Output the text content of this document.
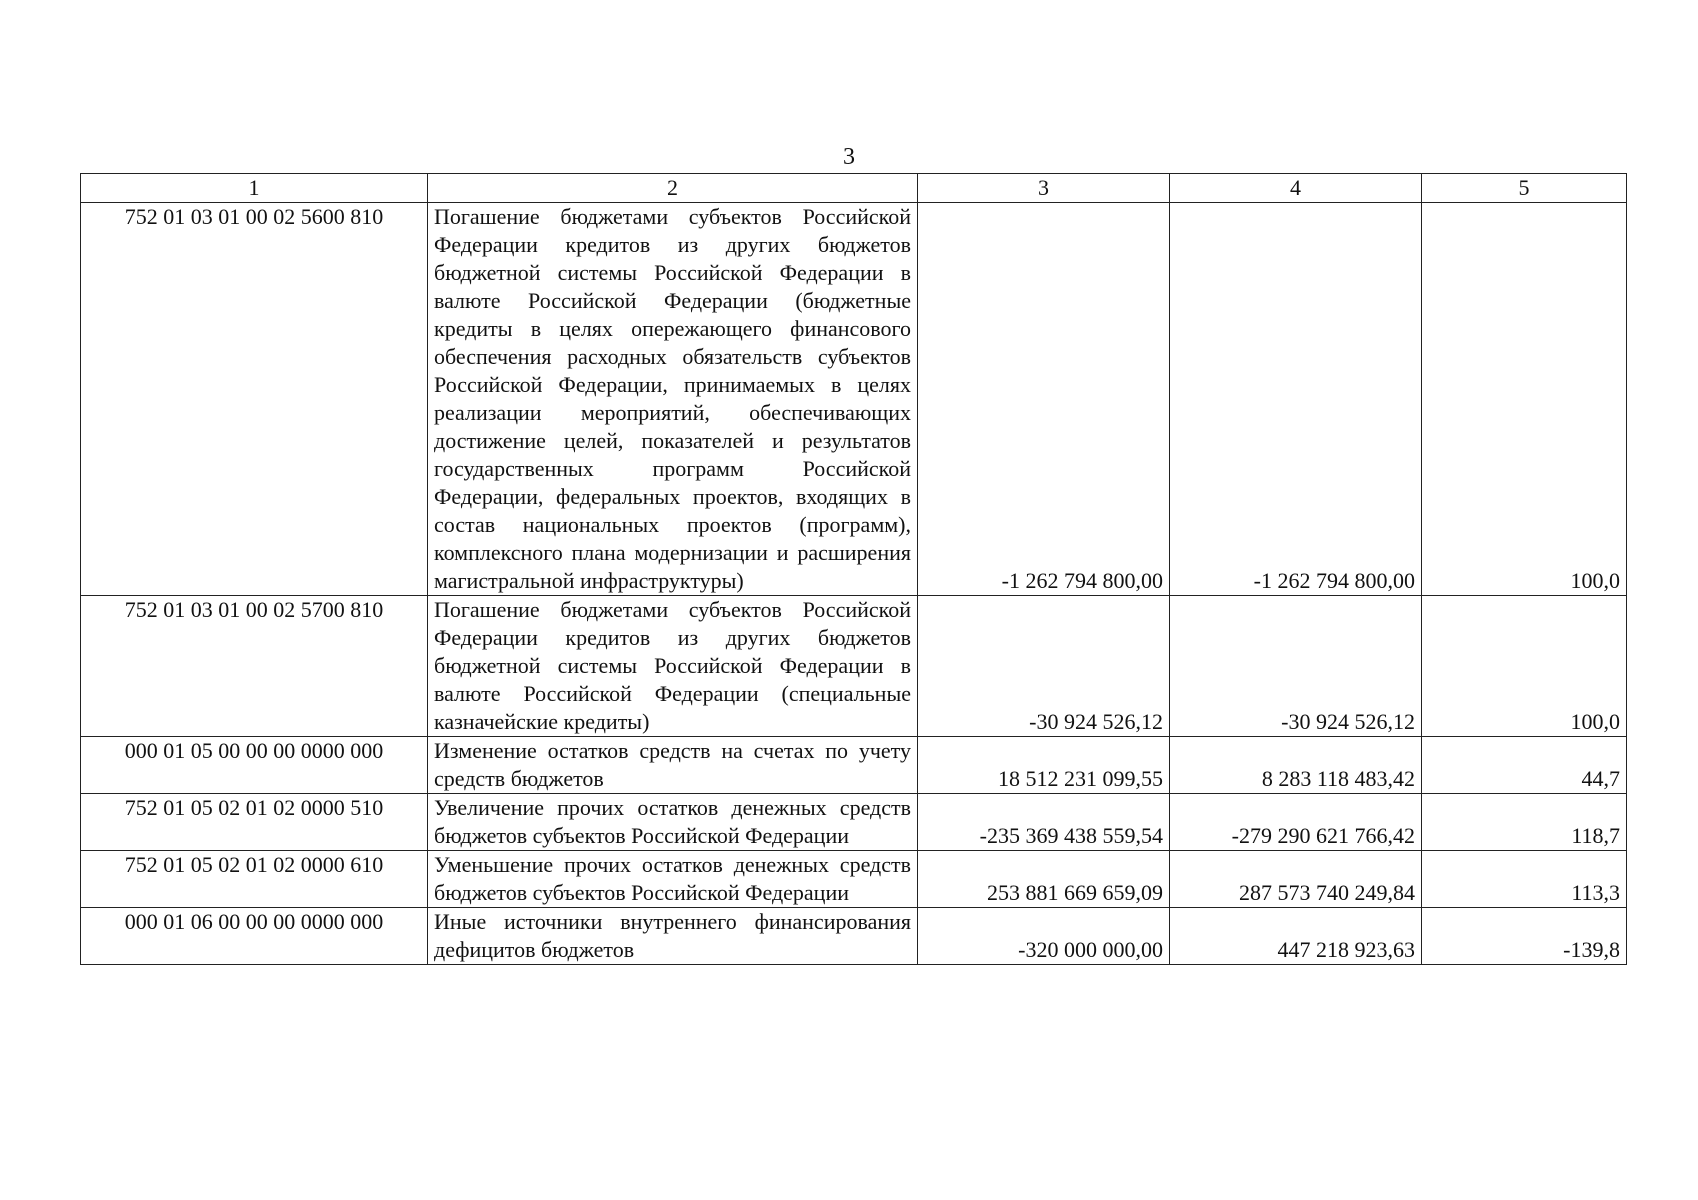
3
1	2	3	4	5
752 01 03 01 00 02 5600 810	Погашение бюджетами субъектов Российской Федерации кредитов из других бюджетов бюджетной системы Российской Федерации в валюте Российской Федерации (бюджетные кредиты в целях опережающего финансового обеспечения расходных обязательств субъектов Российской Федерации, принимаемых в целях реализации мероприятий, обеспечивающих достижение целей, показателей и результатов государственных программ Российской Федерации, федеральных проектов, входящих в состав национальных проектов (программ), комплексного плана модернизации и расширения магистральной инфраструктуры)	-1 262 794 800,00	-1 262 794 800,00	100,0
752 01 03 01 00 02 5700 810	Погашение бюджетами субъектов Российской Федерации кредитов из других бюджетов бюджетной системы Российской Федерации в валюте Российской Федерации (специальные казначейские кредиты)	-30 924 526,12	-30 924 526,12	100,0
000 01 05 00 00 00 0000 000	Изменение остатков средств на счетах по учету средств бюджетов	18 512 231 099,55	8 283 118 483,42	44,7
752 01 05 02 01 02 0000 510	Увеличение прочих остатков денежных средств бюджетов субъектов Российской Федерации	-235 369 438 559,54	-279 290 621 766,42	118,7
752 01 05 02 01 02 0000 610	Уменьшение прочих остатков денежных средств бюджетов субъектов Российской Федерации	253 881 669 659,09	287 573 740 249,84	113,3
000 01 06 00 00 00 0000 000	Иные источники внутреннего финансирования дефицитов бюджетов	-320 000 000,00	447 218 923,63	-139,8
